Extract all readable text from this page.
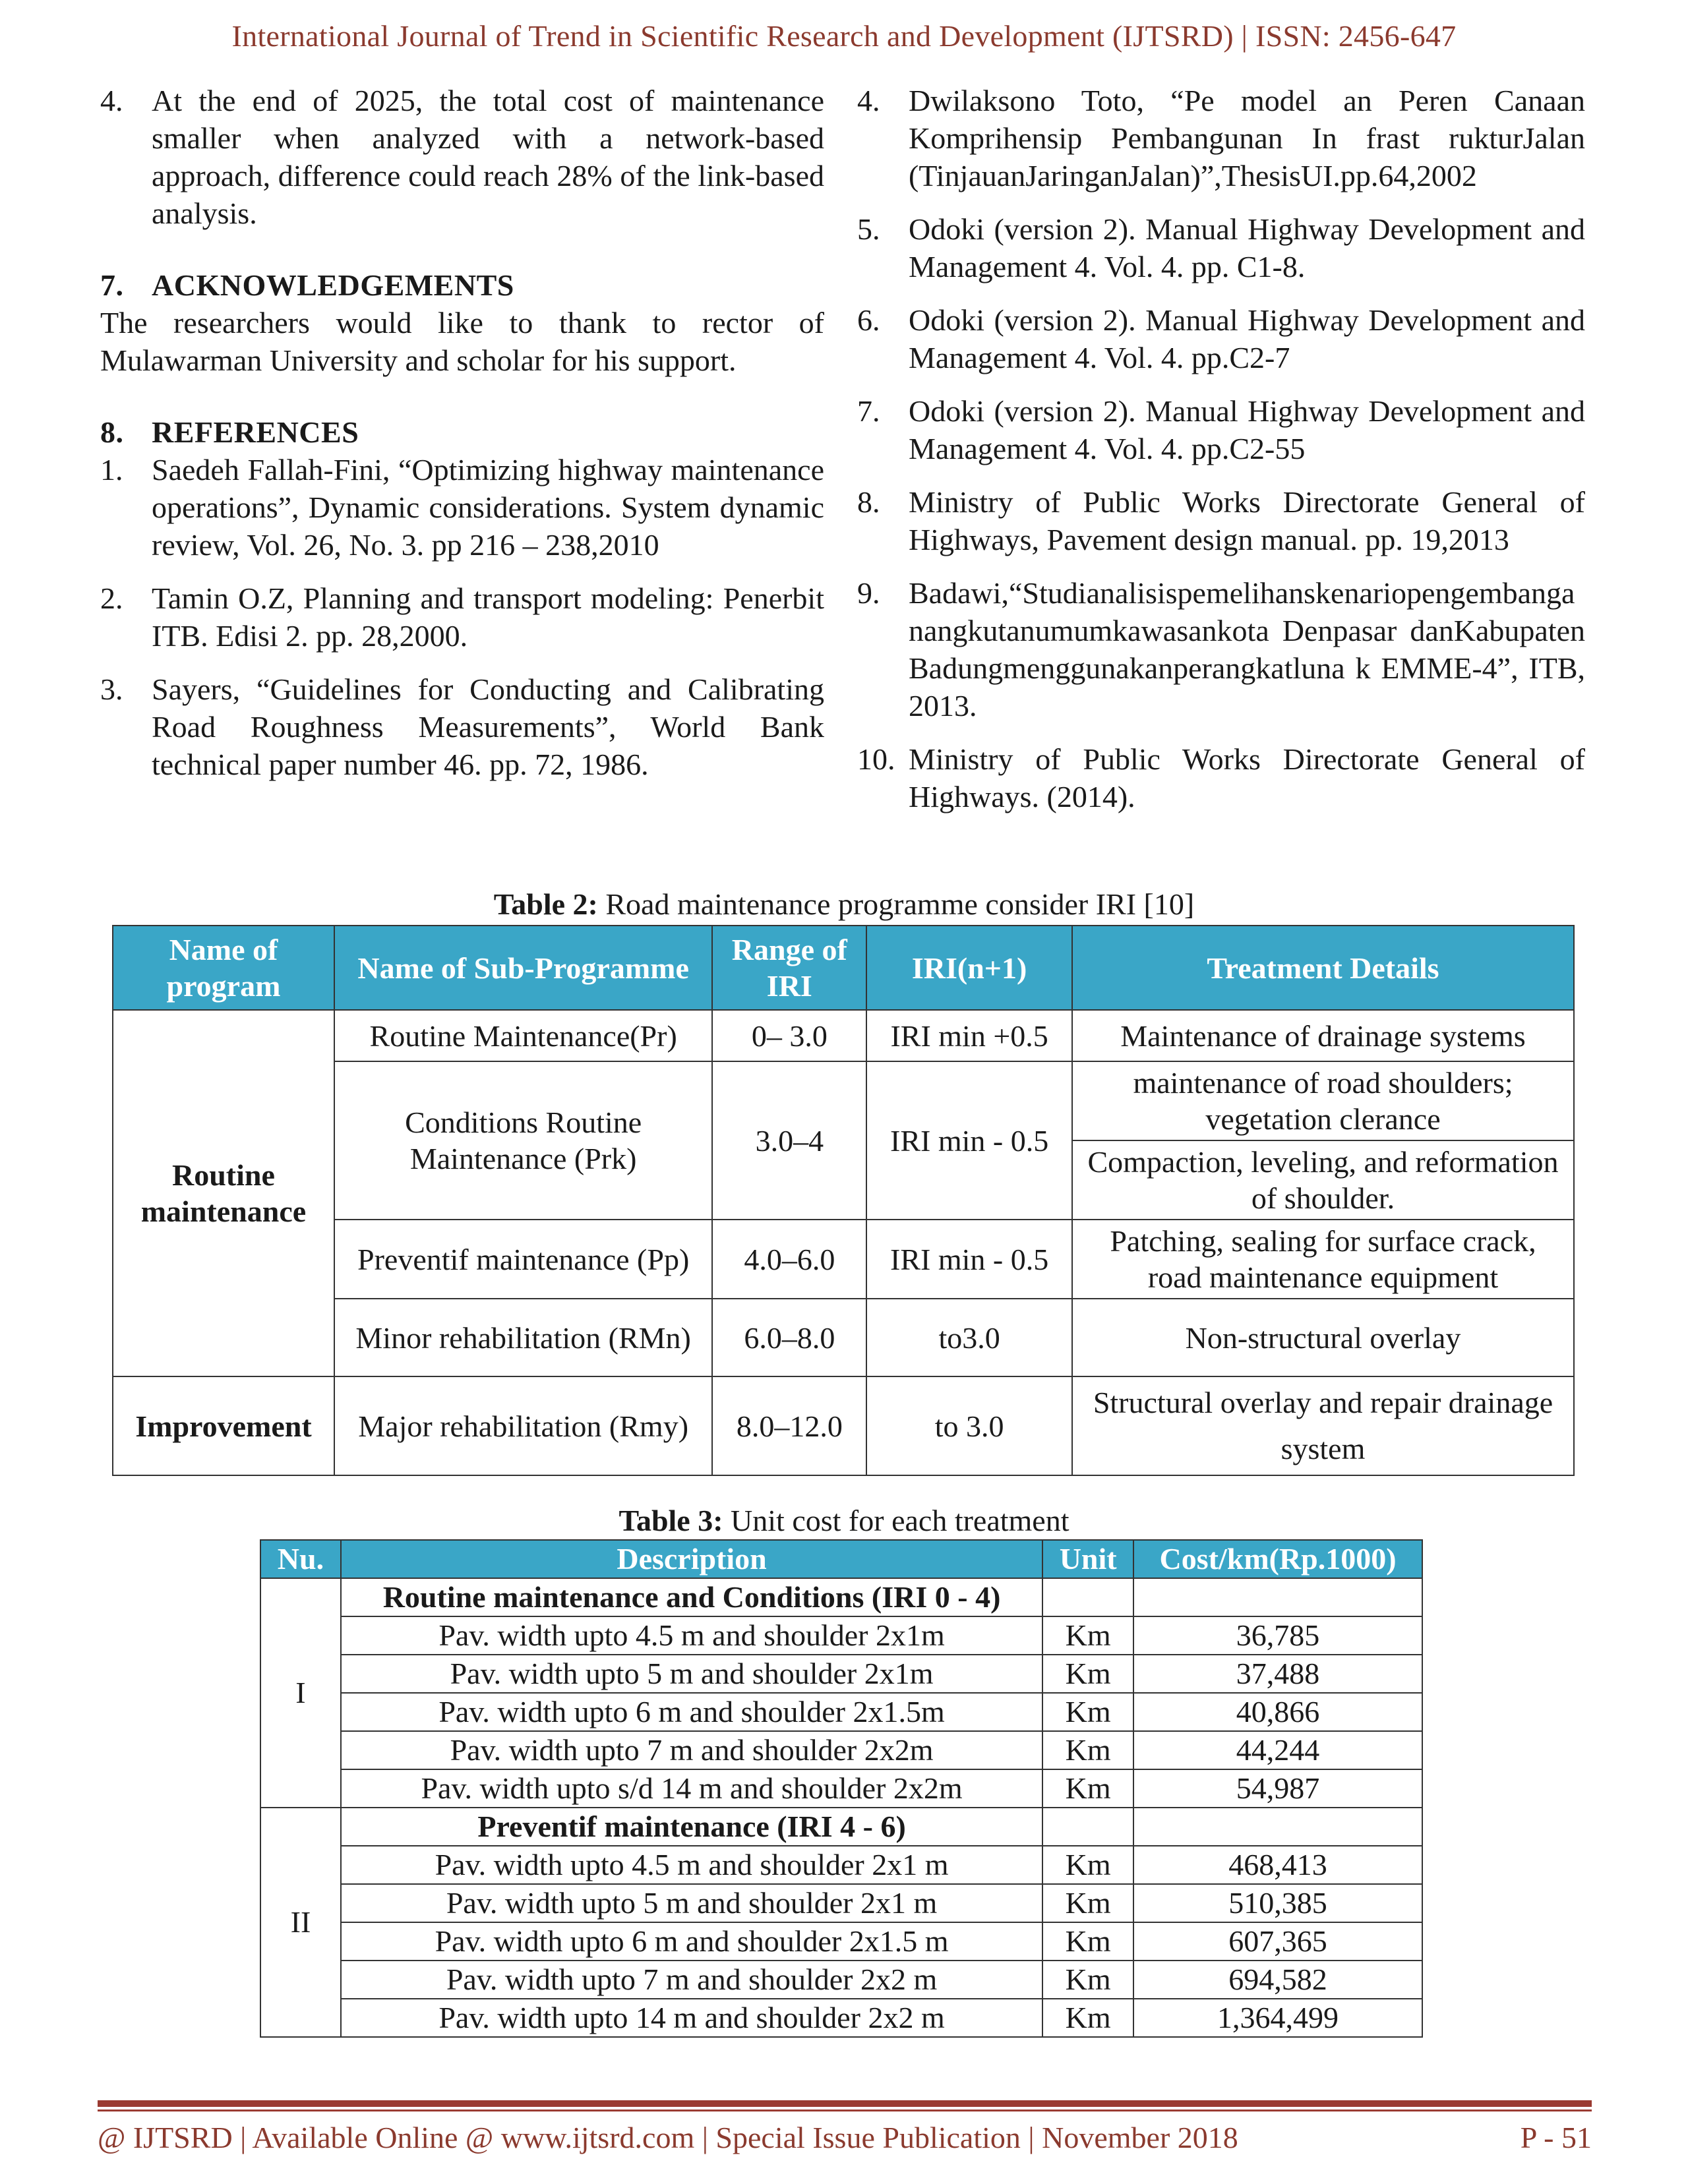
International Journal of Trend in Scientific Research and Development (IJTSRD) | ISSN: 2456-647
4. At the end of 2025, the total cost of maintenance smaller when analyzed with a network-based approach, difference could reach 28% of the link-based analysis.
7. ACKNOWLEDGEMENTS
The researchers would like to thank to rector of Mulawarman University and scholar for his support.
8. REFERENCES
1. Saedeh Fallah-Fini, “Optimizing highway maintenance operations”, Dynamic considerations. System dynamic review, Vol. 26, No. 3. pp 216 – 238,2010
2. Tamin O.Z, Planning and transport modeling: Penerbit ITB. Edisi 2. pp. 28,2000.
3. Sayers, “Guidelines for Conducting and Calibrating Road Roughness Measurements”, World Bank technical paper number 46. pp. 72, 1986.
4. Dwilaksono Toto, “Pe model an Peren Canaan Komprihensip Pembangunan In frast rukturJalan (TinjauanJaringanJalan)”,ThesisUI.pp.64,2002
5. Odoki (version 2). Manual Highway Development and Management 4. Vol. 4. pp. C1-8.
6. Odoki (version 2). Manual Highway Development and Management 4. Vol. 4. pp.C2-7
7. Odoki (version 2). Manual Highway Development and Management 4. Vol. 4. pp.C2-55
8. Ministry of Public Works Directorate General of Highways, Pavement design manual. pp. 19,2013
9. Badawi,“Studianalisispemelihanskenariopengembanganangkutanumumkawasankota Denpasar danKabupatenBadungmenggunakanperangkatluna k EMME-4”, ITB, 2013.
10. Ministry of Public Works Directorate General of Highways. (2014).
Table 2: Road maintenance programme consider IRI [10]
Name of program	Name of Sub-Programme	Range of IRI	IRI(n+1)	Treatment Details
Routine maintenance	Routine Maintenance(Pr)	0– 3.0	IRI min +0.5	Maintenance of drainage systems
	Conditions Routine Maintenance (Prk)	3.0–4	IRI min - 0.5	maintenance of road shoulders; vegetation clerance
				Compaction, leveling, and reformation of shoulder.
	Preventif maintenance (Pp)	4.0–6.0	IRI min - 0.5	Patching, sealing for surface crack, road maintenance equipment
	Minor rehabilitation (RMn)	6.0–8.0	to3.0	Non-structural overlay
Improvement	Major rehabilitation (Rmy)	8.0–12.0	to 3.0	Structural overlay and repair drainage system
Table 3: Unit cost for each treatment
Nu.	Description	Unit	Cost/km(Rp.1000)
I	Routine maintenance and Conditions (IRI 0 - 4)		
	Pav. width upto 4.5 m and shoulder 2x1m	Km	36,785
	Pav. width upto 5 m and shoulder 2x1m	Km	37,488
	Pav. width upto 6 m and shoulder 2x1.5m	Km	40,866
	Pav. width upto 7 m and shoulder 2x2m	Km	44,244
	Pav. width upto s/d 14 m and shoulder 2x2m	Km	54,987
II	Preventif maintenance (IRI 4 - 6)		
	Pav. width upto 4.5 m and shoulder 2x1 m	Km	468,413
	Pav. width upto 5 m and shoulder 2x1 m	Km	510,385
	Pav. width upto 6 m and shoulder 2x1.5 m	Km	607,365
	Pav. width upto 7 m and shoulder 2x2 m	Km	694,582
	Pav. width upto 14 m and shoulder 2x2 m	Km	1,364,499
@ IJTSRD | Available Online @ www.ijtsrd.com | Special Issue Publication | November 2018	P - 51
